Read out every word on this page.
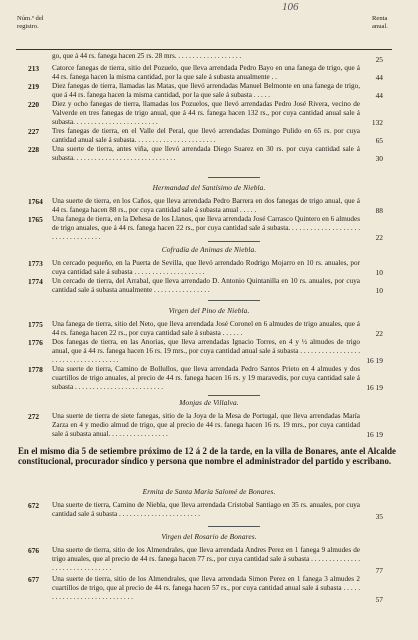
106
Núm.º del
registro.
Renta
anual.
go, que á 44 rs. fanega hacen 25 rs. 28 mrs. . . . . . . . . . . . . . . . . . .	25
213	Catorce fanegas de tierra, sitio del Pozuelo, que lleva arrendada Pedro Bayo en una fanega de trigo, que á 44 rs. fanega hacen la misma cantidad, por la que sale á subasta anualmente . .	44
219	Diez fanegas de tierra, llamadas las Matas, que llevó arrendadas Manuel Belmonte en una fanega de trigo, que á 44 rs. fanega hacen la misma cantidad, por la que sale á subasta . . . . .	44
220	Diez y ocho fanegas de tierra, llamadas los Pozuelos, que llevó arrendadas Pedro José Rivera, vecino de Valverde en tres fanegas de trigo anual, que á 44 rs. fanega hacen 132 rs., por cuya cantidad anual sale á subasta. . . . . . . . . . . . . . . . . . . . . . . .	132
227	Tres fanegas de tierra, en el Valle del Peral, que llevó arrendadas Domingo Pulido en 65 rs. por cuya cantidad anual sale á subasta. . . . . . . . . . . . . . . . . . . . . . .	65
228	Una suerte de tierra, antes viña, que llevó arrendada Diego Suarez en 30 rs. por cuya cantidad sale á subasta. . . . . . . . . . . . . . . . . . . . . . . . . . . . .	30
Hermandad del Santísimo de Niebla.
1764	Una suerte de tierra, en los Caños, que lleva arrendada Pedro Barrera en dos fanegas de trigo anual, que á 44 rs. fanega hacen 88 rs., por cuya cantidad sale á subasta anual . . . . .	88
1765	Una fanega de tierra, en la Dehesa de los Llanos, que lleva arrendada José Carrasco Quintero en 6 almudes de trigo anuales, que á 44 rs. fanega hacen 22 rs., por cuya cantidad sale á subasta. . . . . . . . . . . . . . . . . . . . . . . . . . . . . . . . . .	22
Cofradía de Animas de Niebla.
1773	Un cercado pequeño, en la Puerta de Sevilla, que llevó arrendado Rodrigo Mojarro en 10 rs. anuales, por cuya cantidad sale á subasta . . . . . . . . . . . . . . . . . . . .	10
1774	Un cercado de tierra, del Arrabal, que lleva arrendado D. Antonio Quintanilla en 10 rs. anuales, por cuya cantidad sale á subasta anualmente . . . . . . . . . . . . . . . .	10
Virgen del Pino de Niebla.
1775	Una fanega de tierra, sitio del Neto, que lleva arrendada José Coronel en 6 almudes de trigo anuales, que á 44 rs. fanega hacen 22 rs., por cuya cantidad sale á subasta . . . . . .	22
1776	Dos fanegas de tierra, en las Anorias, que lleva arrendadas Ignacio Torres, en 4 y ½ almudes de trigo anual, que á 44 rs. fanega hacen 16 rs. 19 mrs., por cuya cantidad anual sale á subasta . . . . . . . . . . . . . . . . . . . . . . . . . . . . . . . . . . . .	16 19
1778	Una suerte de tierra, Camino de Bollullos, que lleva arrendada Pedro Santos Prieto en 4 almudes y dos cuartillos de trigo anuales, al precio de 44 rs. fanega hacen 16 rs. y 19 maravedis, por cuya cantidad sale á subasta . . . . . . . . . . . . . . . . . . . . . . . . .	16 19
Monjas de Villalva.
272	Una suerte de tierra de siete fanegas, sitio de la Joya de la Mesa de Portugal, que lleva arrendadas María Zarza en 4 y medio almud de trigo, que al precio de 44 rs. fanega hacen 16 rs. 19 mrs., por cuya cantidad sale á subasta anual. . . . . . . . . . . . . . . . .	16 19
En el mismo dia 5 de setiembre próximo de 12 á 2 de la tarde, en la villa de Bonares, ante el Alcalde constitucional, procurador síndico y persona que nombre el administrador del partido y escribano.
Ermita de Santa María Salomé de Bonares.
672	Una suerte de tierra, Camino de Niebla, que lleva arrendada Cristobal Santiago en 35 rs. anuales, por cuya cantidad sale á subasta . . . . . . . . . . . . . . . . . . . . . . .	35
Virgen del Rosario de Bonares.
676	Una suerte de tierra, sitio de los Almendrales, que lleva arrendada Andres Perez en 1 fanega 9 almudes de trigo anuales, que al precio de 44 rs. fanega hacen 77 rs., por cuya cantidad sale á subasta . . . . . . . . . . . . . . . . . . . . . . . . . . . . . . .	77
677	Una suerte de tierra, sitio de los Almendrales, que lleva arrendada Simon Perez en 1 fanega 3 almudes 2 cuartillos de trigo, que al precio de 44 rs. fanega hacen 57 rs., por cuya cantidad anual sale á subasta . . . . . . . . . . . . . . . . . . . . . . . . . . . .	57
